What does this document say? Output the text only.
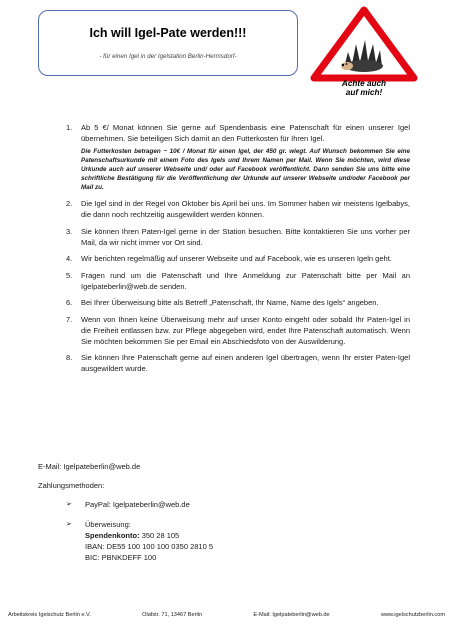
Ich will Igel-Pate werden!!!
- für einen Igel in der Igelstation Berlin-Hermsdorf-
Achte auch
auf mich!
1. Ab 5 €/ Monat können Sie gerne auf Spendenbasis eine Patenschaft für einen unserer Igel übernehmen. Sie beteiligen Sich damit an den Futterkosten für Ihren Igel.
Die Futterkosten betragen ~ 10€ / Monat für einen Igel, der 450 gr. wiegt. Auf Wunsch bekommen Sie eine Patenschaftsurkunde mit einem Foto des Igels und Ihrem Namen per Mail. Wenn Sie möchten, wird diese Urkunde auch auf unserer Webseite und/ oder auf Facebook veröffentlicht. Dann senden Sie uns bitte eine schriftliche Bestätigung für die Veröffentlichung der Urkunde auf unserer Webseite und/oder Facebook per Mail zu.
2. Die Igel sind in der Regel von Oktober bis April bei uns. Im Sommer haben wir meistens Igelbabys, die dann noch rechtzeitig ausgewildert werden können.
3. Sie können Ihren Paten-Igel gerne in der Station besuchen. Bitte kontaktieren Sie uns vorher per Mail, da wir nicht immer vor Ort sind.
4. Wir berichten regelmäßig auf unserer Webseite und auf Facebook, wie es unseren Igeln geht.
5. Fragen rund um die Patenschaft und Ihre Anmeldung zur Patenschaft bitte per Mail an Igelpateberlin@web.de senden.
6. Bei Ihrer Überweisung bitte als Betreff „Patenschaft, Ihr Name, Name des Igels“ angeben.
7. Wenn von Ihnen keine Überweisung mehr auf unser Konto eingeht oder sobald Ihr Paten-Igel in die Freiheit entlassen bzw. zur Pflege abgegeben wird, endet Ihre Patenschaft automatisch. Wenn Sie möchten bekommen Sie per Email ein Abschiedsfoto von der Auswilderung.
8. Sie können Ihre Patenschaft gerne auf einen anderen Igel übertragen, wenn Ihr erster Paten-Igel ausgewildert wurde.
E-Mail: Igelpateberlin@web.de
Zahlungsmethoden:
➢ PayPal: Igelpateberlin@web.de
➢ Überweisung:
Spendenkonto: 350 28 105
IBAN: DE55 100 100 100 0350 2810 5
BIC: PBNKDEFF 100
Arbeitskreis Igelschutz Berlin e.V.	Olafstr. 71, 13467 Berlin	E-Mail: Igelpateberlin@web.de	www.igelschutzberlin.com
